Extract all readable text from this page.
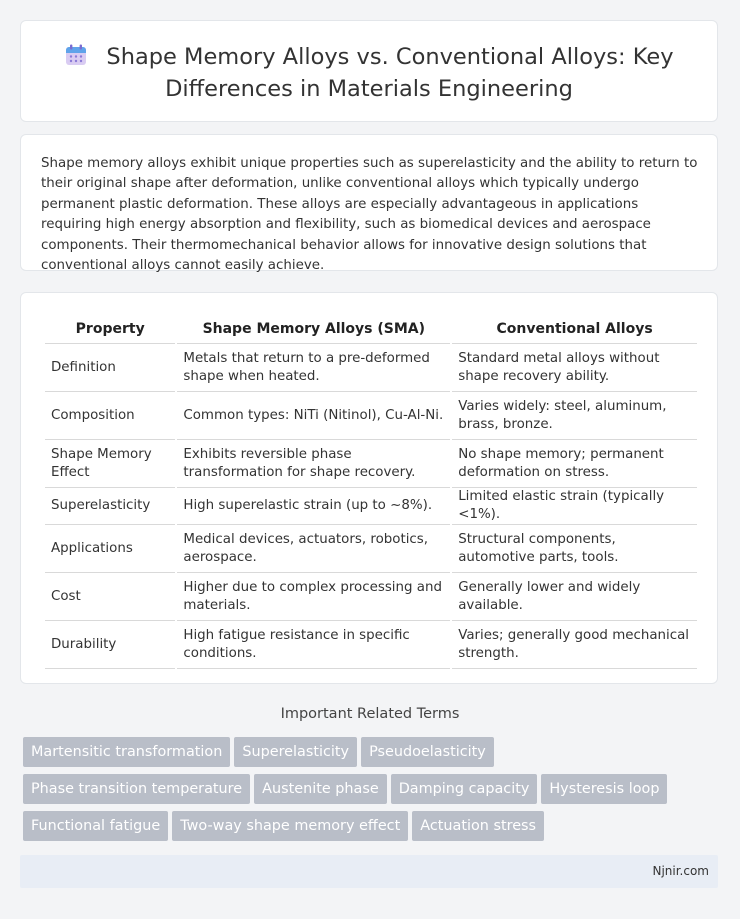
Shape Memory Alloys vs. Conventional Alloys: Key Differences in Materials Engineering
Shape memory alloys exhibit unique properties such as superelasticity and the ability to return to their original shape after deformation, unlike conventional alloys which typically undergo permanent plastic deformation. These alloys are especially advantageous in applications requiring high energy absorption and flexibility, such as biomedical devices and aerospace components. Their thermomechanical behavior allows for innovative design solutions that conventional alloys cannot easily achieve.
Property	Shape Memory Alloys (SMA)	Conventional Alloys
Definition	Metals that return to a pre-deformed shape when heated.	Standard metal alloys without shape recovery ability.
Composition	Common types: NiTi (Nitinol), Cu-Al-Ni.	Varies widely: steel, aluminum, brass, bronze.
Shape Memory Effect	Exhibits reversible phase transformation for shape recovery.	No shape memory; permanent deformation on stress.
Superelasticity	High superelastic strain (up to ~8%).	Limited elastic strain (typically <1%).
Applications	Medical devices, actuators, robotics, aerospace.	Structural components, automotive parts, tools.
Cost	Higher due to complex processing and materials.	Generally lower and widely available.
Durability	High fatigue resistance in specific conditions.	Varies; generally good mechanical strength.
Important Related Terms
Martensitic transformation Superelasticity Pseudoelasticity
Phase transition temperature Austenite phase Damping capacity Hysteresis loop
Functional fatigue Two-way shape memory effect Actuation stress
Njnir.com
